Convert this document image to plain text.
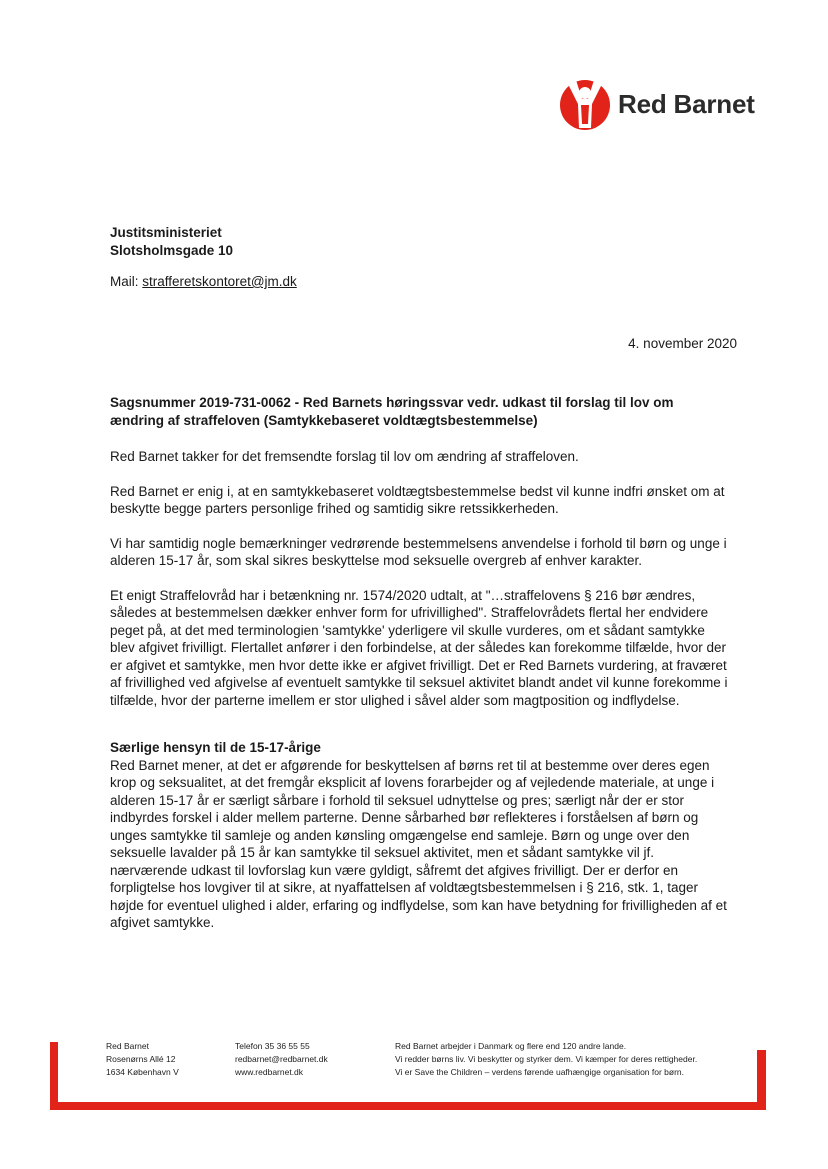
Red Barnet
Justitsministeriet
Slotsholmsgade 10
Mail: strafferetskontoret@jm.dk
4. november 2020
Sagsnummer 2019-731-0062 - Red Barnets høringssvar vedr. udkast til forslag til lov om ændring af straffeloven (Samtykkebaseret voldtægtsbestemmelse)

Red Barnet takker for det fremsendte forslag til lov om ændring af straffeloven.

Red Barnet er enig i, at en samtykkebaseret voldtægtsbestemmelse bedst vil kunne indfri ønsket om at beskytte begge parters personlige frihed og samtidig sikre retssikkerheden.

Vi har samtidig nogle bemærkninger vedrørende bestemmelsens anvendelse i forhold til børn og unge i alderen 15-17 år, som skal sikres beskyttelse mod seksuelle overgreb af enhver karakter.

Et enigt Straffelovråd har i betænkning nr. 1574/2020 udtalt, at "…straffelovens § 216 bør ændres, således at bestemmelsen dækker enhver form for ufrivillighed". Straffelovrådets flertal her endvidere peget på, at det med terminologien 'samtykke' yderligere vil skulle vurderes, om et sådant samtykke blev afgivet frivilligt. Flertallet anfører i den forbindelse, at der således kan forekomme tilfælde, hvor der er afgivet et samtykke, men hvor dette ikke er afgivet frivilligt. Det er Red Barnets vurdering, at fraværet af frivillighed ved afgivelse af eventuelt samtykke til seksuel aktivitet blandt andet vil kunne forekomme i tilfælde, hvor der parterne imellem er stor ulighed i såvel alder som magtposition og indflydelse.

Særlige hensyn til de 15-17-årige

Red Barnet mener, at det er afgørende for beskyttelsen af børns ret til at bestemme over deres egen krop og seksualitet, at det fremgår eksplicit af lovens forarbejder og af vejledende materiale, at unge i alderen 15-17 år er særligt sårbare i forhold til seksuel udnyttelse og pres; særligt når der er stor indbyrdes forskel i alder mellem parterne. Denne sårbarhed bør reflekteres i forståelsen af børn og unges samtykke til samleje og anden kønsling omgængelse end samleje. Børn og unge over den seksuelle lavalder på 15 år kan samtykke til seksuel aktivitet, men et sådant samtykke vil jf. nærværende udkast til lovforslag kun være gyldigt, såfremt det afgives frivilligt. Der er derfor en forpligtelse hos lovgiver til at sikre, at nyaffattelsen af voldtægtsbestemmelsen i § 216, stk. 1, tager højde for eventuel ulighed i alder, erfaring og indflydelse, som kan have betydning for frivilligheden af et afgivet samtykke.

Red Barnet
Rosenørns Allé 12
1634 København V
Telefon 35 36 55 55
redbarnet@redbarnet.dk
www.redbarnet.dk
Red Barnet arbejder i Danmark og flere end 120 andre lande.
Vi redder børns liv. Vi beskytter og styrker dem. Vi kæmper for deres rettigheder.
Vi er Save the Children – verdens førende uafhængige organisation for børn.
